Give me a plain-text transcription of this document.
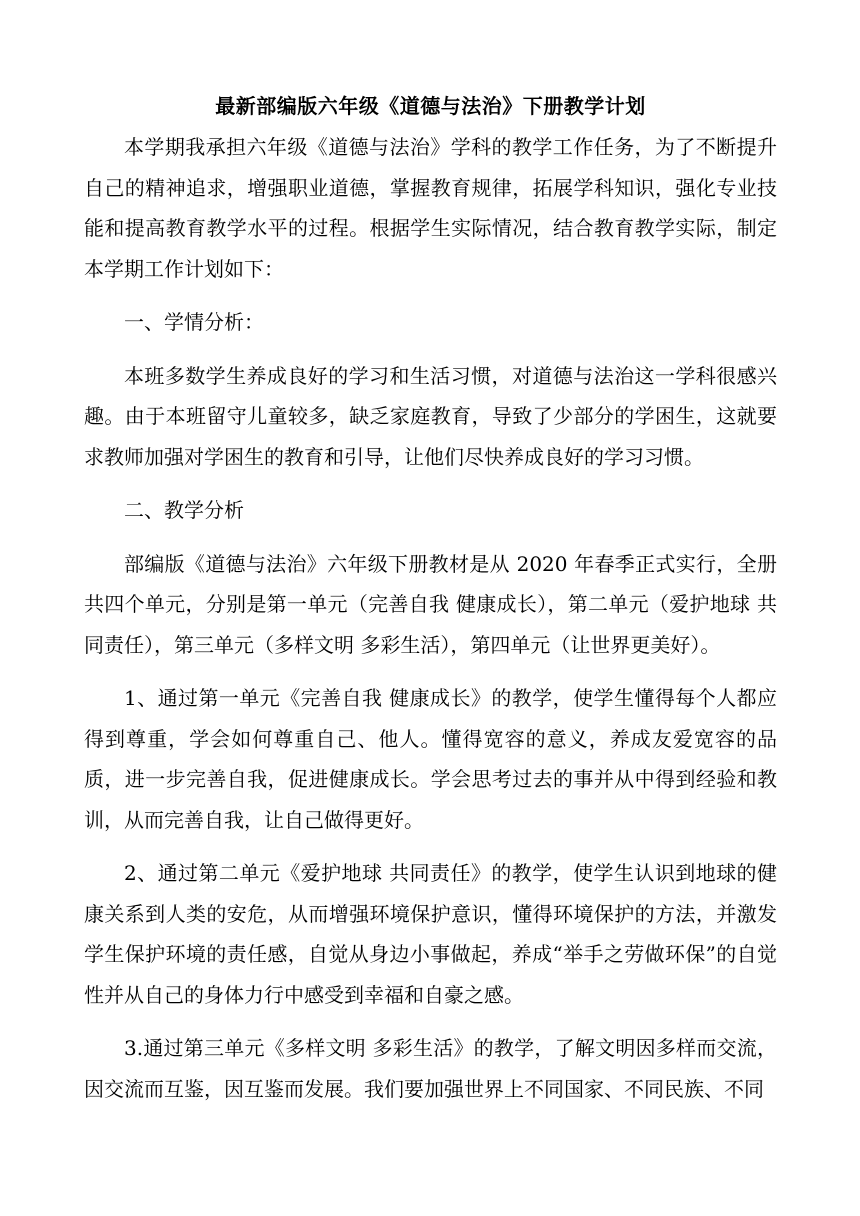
最新部编版六年级《道德与法治》下册教学计划

本学期我承担六年级《道德与法治》学科的教学工作任务，为了不断提升自己的精神追求，增强职业道德，掌握教育规律，拓展学科知识，强化专业技能和提高教育教学水平的过程。根据学生实际情况，结合教育教学实际，制定本学期工作计划如下：

一、学情分析：

本班多数学生养成良好的学习和生活习惯，对道德与法治这一学科很感兴趣。由于本班留守儿童较多，缺乏家庭教育，导致了少部分的学困生，这就要求教师加强对学困生的教育和引导，让他们尽快养成良好的学习习惯。

二、教学分析

部编版《道德与法治》六年级下册教材是从 2020 年春季正式实行，全册共四个单元，分别是第一单元（完善自我 健康成长），第二单元（爱护地球 共同责任），第三单元（多样文明 多彩生活），第四单元（让世界更美好）。

1、通过第一单元《完善自我 健康成长》的教学，使学生懂得每个人都应得到尊重，学会如何尊重自己、他人。懂得宽容的意义，养成友爱宽容的品质，进一步完善自我，促进健康成长。学会思考过去的事并从中得到经验和教训，从而完善自我，让自己做得更好。

2、通过第二单元《爱护地球 共同责任》的教学，使学生认识到地球的健康关系到人类的安危，从而增强环境保护意识，懂得环境保护的方法，并激发学生保护环境的责任感，自觉从身边小事做起，养成“举手之劳做环保”的自觉性并从自己的身体力行中感受到幸福和自豪之感。

3.通过第三单元《多样文明 多彩生活》的教学，了解文明因多样而交流，因交流而互鉴，因互鉴而发展。我们要加强世界上不同国家、不同民族、不同
